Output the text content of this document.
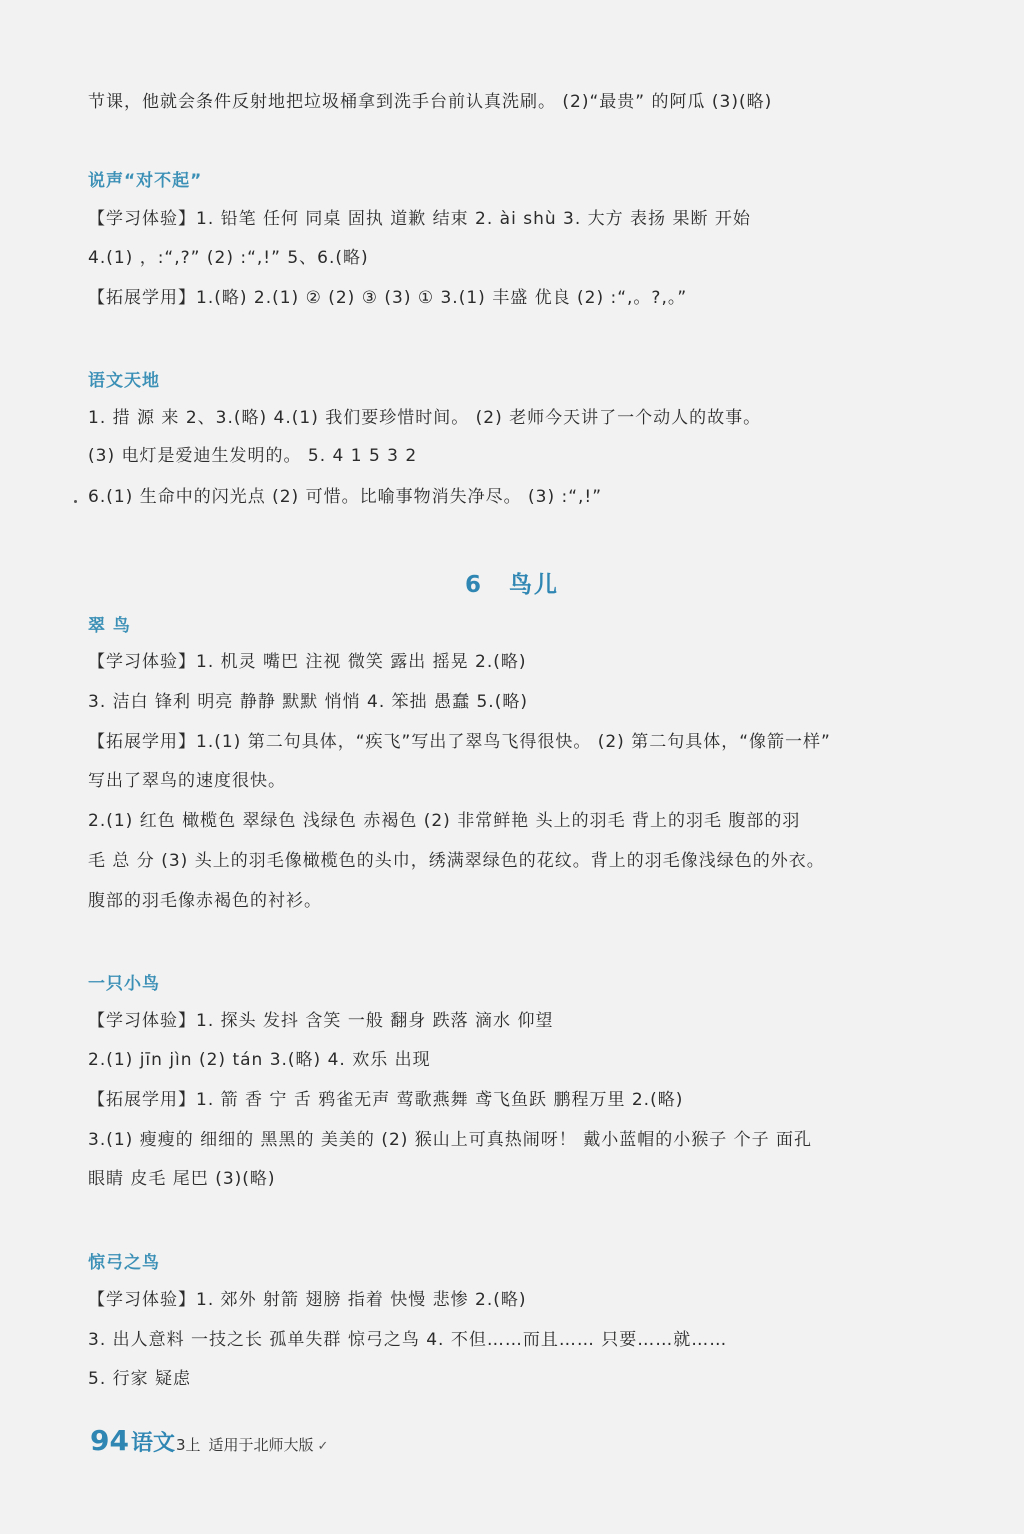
节课，他就会条件反射地把垃圾桶拿到洗手台前认真洗刷。 (2)“最贵” 的阿瓜 (3)(略)
说声“对不起”
【学习体验】1. 铅笔 任何 同桌 固执 道歉 结束 2. ài shù 3. 大方 表扬 果断 开始
4.(1) ，:“,?” (2) :“,!” 5、6.(略)
【拓展学用】1.(略) 2.(1) ② (2) ③ (3) ① 3.(1) 丰盛 优良 (2) :“,。?,。”
语文天地
1. 措 源 来 2、3.(略) 4.(1) 我们要珍惜时间。 (2) 老师今天讲了一个动人的故事。
(3) 电灯是爱迪生发明的。 5. 4 1 5 3 2
6.(1) 生命中的闪光点 (2) 可惜。比喻事物消失净尽。 (3) :“,!”
6 鸟儿
翠 鸟
【学习体验】1. 机灵 嘴巴 注视 微笑 露出 摇晃 2.(略)
3. 洁白 锋利 明亮 静静 默默 悄悄 4. 笨拙 愚蠢 5.(略)
【拓展学用】1.(1) 第二句具体，“疾飞”写出了翠鸟飞得很快。 (2) 第二句具体，“像箭一样”
写出了翠鸟的速度很快。
2.(1) 红色 橄榄色 翠绿色 浅绿色 赤褐色 (2) 非常鲜艳 头上的羽毛 背上的羽毛 腹部的羽
毛 总 分 (3) 头上的羽毛像橄榄色的头巾，绣满翠绿色的花纹。背上的羽毛像浅绿色的外衣。
腹部的羽毛像赤褐色的衬衫。
一只小鸟
【学习体验】1. 探头 发抖 含笑 一般 翻身 跌落 滴水 仰望
2.(1) jīn jìn (2) tán 3.(略) 4. 欢乐 出现
【拓展学用】1. 箭 香 宁 舌 鸦雀无声 莺歌燕舞 鸢飞鱼跃 鹏程万里 2.(略)
3.(1) 瘦瘦的 细细的 黑黑的 美美的 (2) 猴山上可真热闹呀！ 戴小蓝帽的小猴子 个子 面孔
眼睛 皮毛 尾巴 (3)(略)
惊弓之鸟
【学习体验】1. 郊外 射箭 翅膀 指着 快慢 悲惨 2.(略)
3. 出人意料 一技之长 孤单失群 惊弓之鸟 4. 不但……而且…… 只要……就……
5. 行家 疑虑
94 语文 3上 适用于北师大版 ✓
